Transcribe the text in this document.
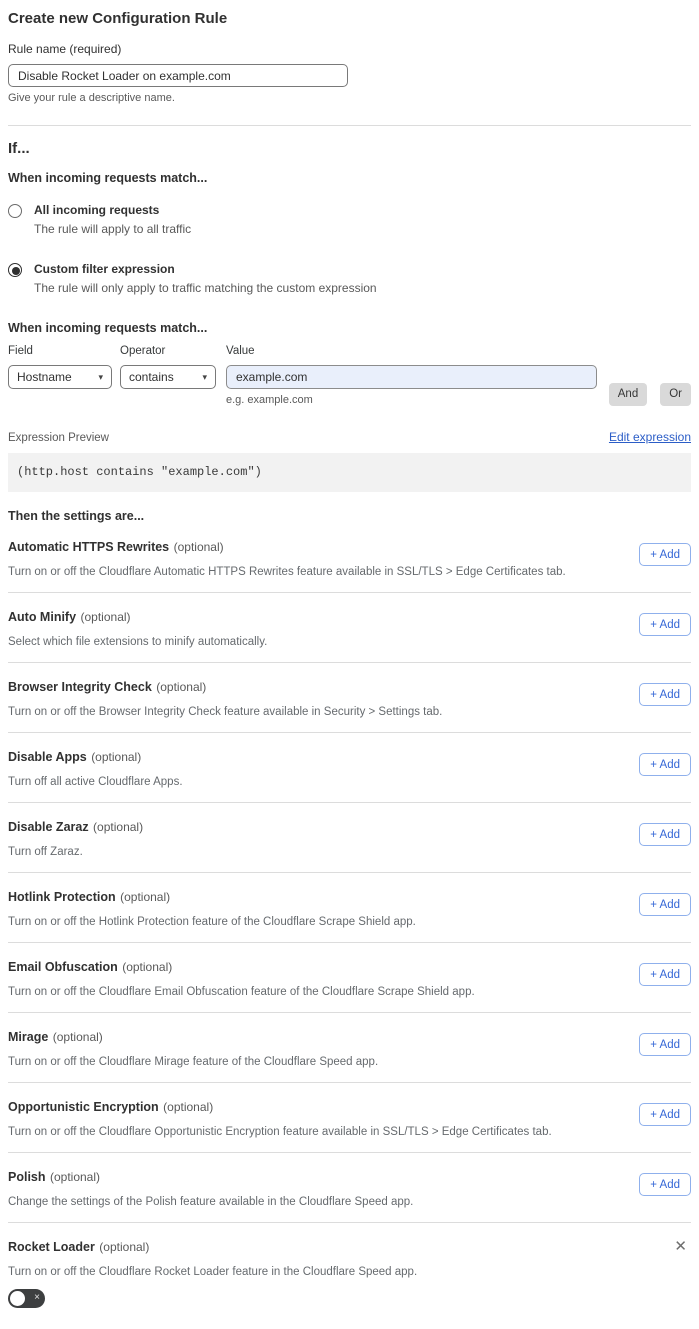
Create new Configuration Rule
Rule name (required)
Disable Rocket Loader on example.com
Give your rule a descriptive name.
If...
When incoming requests match...
All incoming requests
The rule will apply to all traffic
Custom filter expression
The rule will only apply to traffic matching the custom expression
When incoming requests match...
Field
Hostname	▾
Operator
contains	▾
Value
example.com
e.g. example.com	And	Or
Expression Preview	Edit expression
(http.host contains "example.com")
Then the settings are...
Automatic HTTPS Rewrites (optional)
Turn on or off the Cloudflare Automatic HTTPS Rewrites feature available in SSL/TLS > Edge Certificates tab.
+ Add
Auto Minify (optional)
Select which file extensions to minify automatically.
+ Add
Browser Integrity Check (optional)
Turn on or off the Browser Integrity Check feature available in Security > Settings tab.
+ Add
Disable Apps (optional)
Turn off all active Cloudflare Apps.
+ Add
Disable Zaraz (optional)
Turn off Zaraz.
+ Add
Hotlink Protection (optional)
Turn on or off the Hotlink Protection feature of the Cloudflare Scrape Shield app.
+ Add
Email Obfuscation (optional)
Turn on or off the Cloudflare Email Obfuscation feature of the Cloudflare Scrape Shield app.
+ Add
Mirage (optional)
Turn on or off the Cloudflare Mirage feature of the Cloudflare Speed app.
+ Add
Opportunistic Encryption (optional)
Turn on or off the Cloudflare Opportunistic Encryption feature available in SSL/TLS > Edge Certificates tab.
+ Add
Polish (optional)
Change the settings of the Polish feature available in the Cloudflare Speed app.
+ Add
Rocket Loader (optional)	✕
Turn on or off the Cloudflare Rocket Loader feature in the Cloudflare Speed app.
×
